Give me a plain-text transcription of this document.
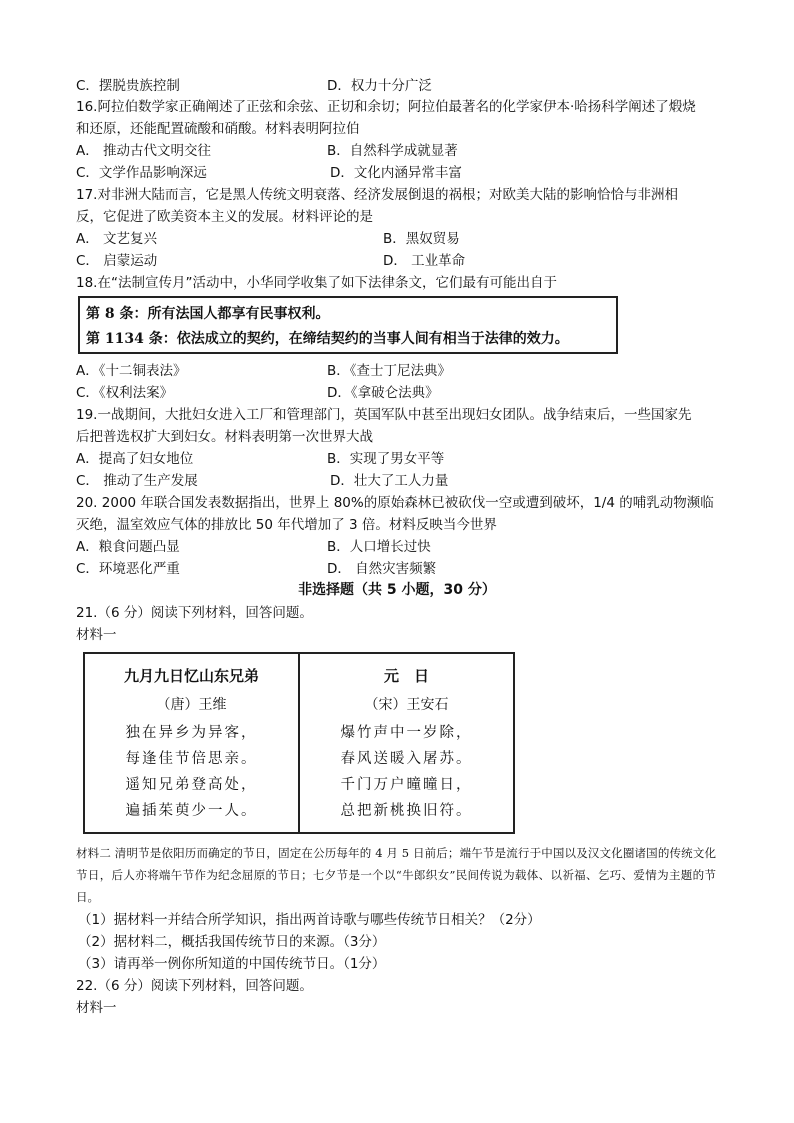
C．摆脱贵族控制	D．权力十分广泛
16.阿拉伯数学家正确阐述了正弦和余弦、正切和余切；阿拉伯最著名的化学家伊本·哈扬科学阐述了煅烧
和还原，还能配置硫酸和硝酸。材料表明阿拉伯
A． 推动古代文明交往	B．自然科学成就显著
C．文学作品影响深远	D．文化内涵异常丰富
17.对非洲大陆而言，它是黑人传统文明衰落、经济发展倒退的祸根；对欧美大陆的影响恰恰与非洲相
反，它促进了欧美资本主义的发展。材料评论的是
A． 文艺复兴	B．黑奴贸易
C． 启蒙运动	D． 工业革命
18.在“法制宣传月”活动中，小华同学收集了如下法律条文，它们最有可能出自于
第 8 条：所有法国人都享有民事权利。
第 1134 条：依法成立的契约，在缔结契约的当事人间有相当于法律的效力。
A．《十二铜表法》	B．《查士丁尼法典》
C．《权利法案》	D．《拿破仑法典》
19.一战期间，大批妇女进入工厂和管理部门，英国军队中甚至出现妇女团队。战争结束后，一些国家先
后把普选权扩大到妇女。材料表明第一次世界大战
A．提高了妇女地位	B．实现了男女平等
C． 推动了生产发展	D．壮大了工人力量
20. 2000 年联合国发表数据指出，世界上 80%的原始森林已被砍伐一空或遭到破坏，1/4 的哺乳动物濒临
灭绝，温室效应气体的排放比 50 年代增加了 3 倍。材料反映当今世界
A．粮食问题凸显	B．人口增长过快
C．环境恶化严重	D． 自然灾害频繁
非选择题（共 5 小题，30 分）
21.（6 分）阅读下列材料，回答问题。
材料一
九月九日忆山东兄弟
（唐）王维
独在异乡为异客，
每逢佳节倍思亲。
遥知兄弟登高处，
遍插茱萸少一人。
元　日
（宋）王安石
爆竹声中一岁除，
春风送暖入屠苏。
千门万户曈曈日，
总把新桃换旧符。
材料二 清明节是依阳历而确定的节日，固定在公历每年的 4 月 5 日前后；端午节是流行于中国以及汉文化圈诸国的传统文化节日，后人亦将端午节作为纪念屈原的节日；七夕节是一个以“牛郎织女”民间传说为载体、以祈福、乞巧、爱情为主题的节日。
（1）据材料一并结合所学知识，指出两首诗歌与哪些传统节日相关？（2分）
（2）据材料二，概括我国传统节日的来源。（3分）
（3）请再举一例你所知道的中国传统节日。（1分）
22.（6 分）阅读下列材料，回答问题。
材料一
